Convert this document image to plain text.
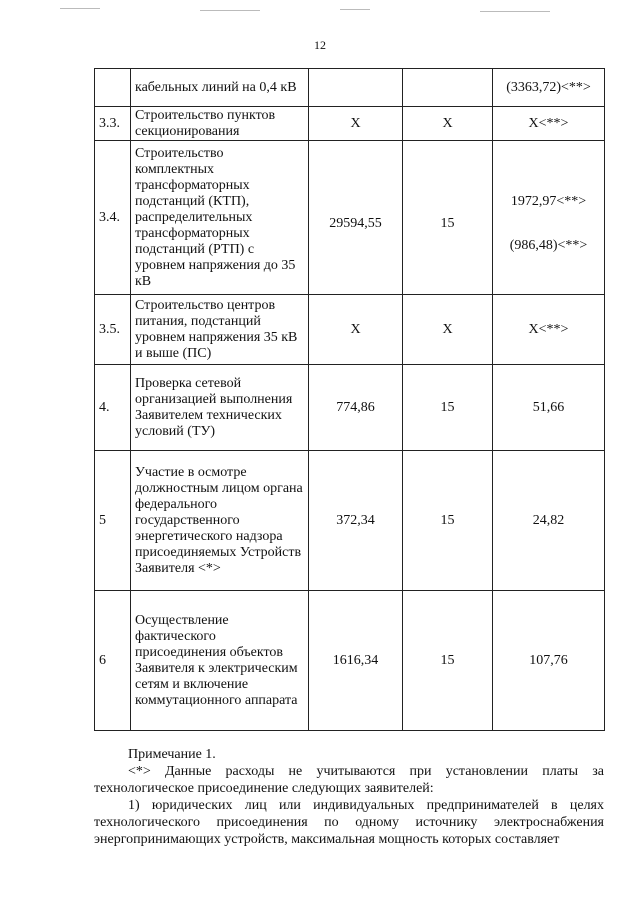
12
	кабельных линий на 0,4 кВ			(3363,72)<**>

3.3.	Строительство пунктов секционирования	X	X	X<**>

3.4.	Строительство комплектных трансформаторных подстанций (КТП), распределительных трансформаторных подстанций (РТП) с уровнем напряжения до 35 кВ	29594,55	15	1972,97<**>
(986,48)<**>

3.5.	Строительство центров питания, подстанций уровнем напряжения 35 кВ и выше (ПС)	X	X	X<**>

4.	Проверка сетевой организацией выполнения Заявителем технических условий (ТУ)	774,86	15	51,66

5	Участие в осмотре должностным лицом органа федерального государственного энергетического надзора присоединяемых Устройств Заявителя <*>	372,34	15	24,82

6	Осуществление фактического присоединения объектов Заявителя к электрическим сетям и включение коммутационного аппарата	1616,34	15	107,76

Примечание 1.

<*> Данные расходы не учитываются при установлении платы за технологическое присоединение следующих заявителей:

1) юридических лиц или индивидуальных предпринимателей в целях технологического присоединения по одному источнику электроснабжения энергопринимающих устройств, максимальная мощность которых составляет
